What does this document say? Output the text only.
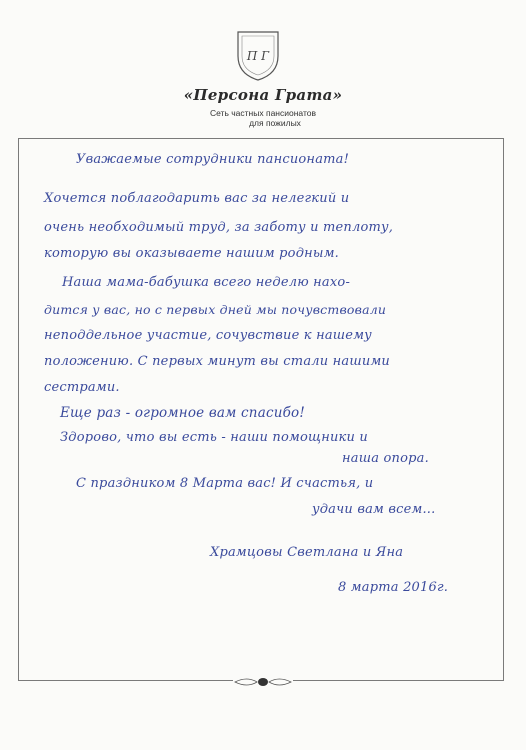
П Г
«Персона Грата»
Сеть частных пансионатов
для пожилых
Уважаемые сотрудники пансионата!
Хочется поблагодарить вас за нелегкий и
очень необходимый труд, за заботу и теплоту,
которую вы оказываете нашим родным.
Наша мама-бабушка всего неделю нахо-
дится у вас, но с первых дней мы почувствовали
неподдельное участие, сочувствие к нашему
положению. С первых минут вы стали нашими
сестрами.
Еще раз - огромное вам спасибо!
Здорово, что вы есть - наши помощники и
наша опора.
С праздником 8 Марта вас! И счастья, и
удачи вам всем...
Храмцовы Светлана и Яна
8 марта 2016г.
